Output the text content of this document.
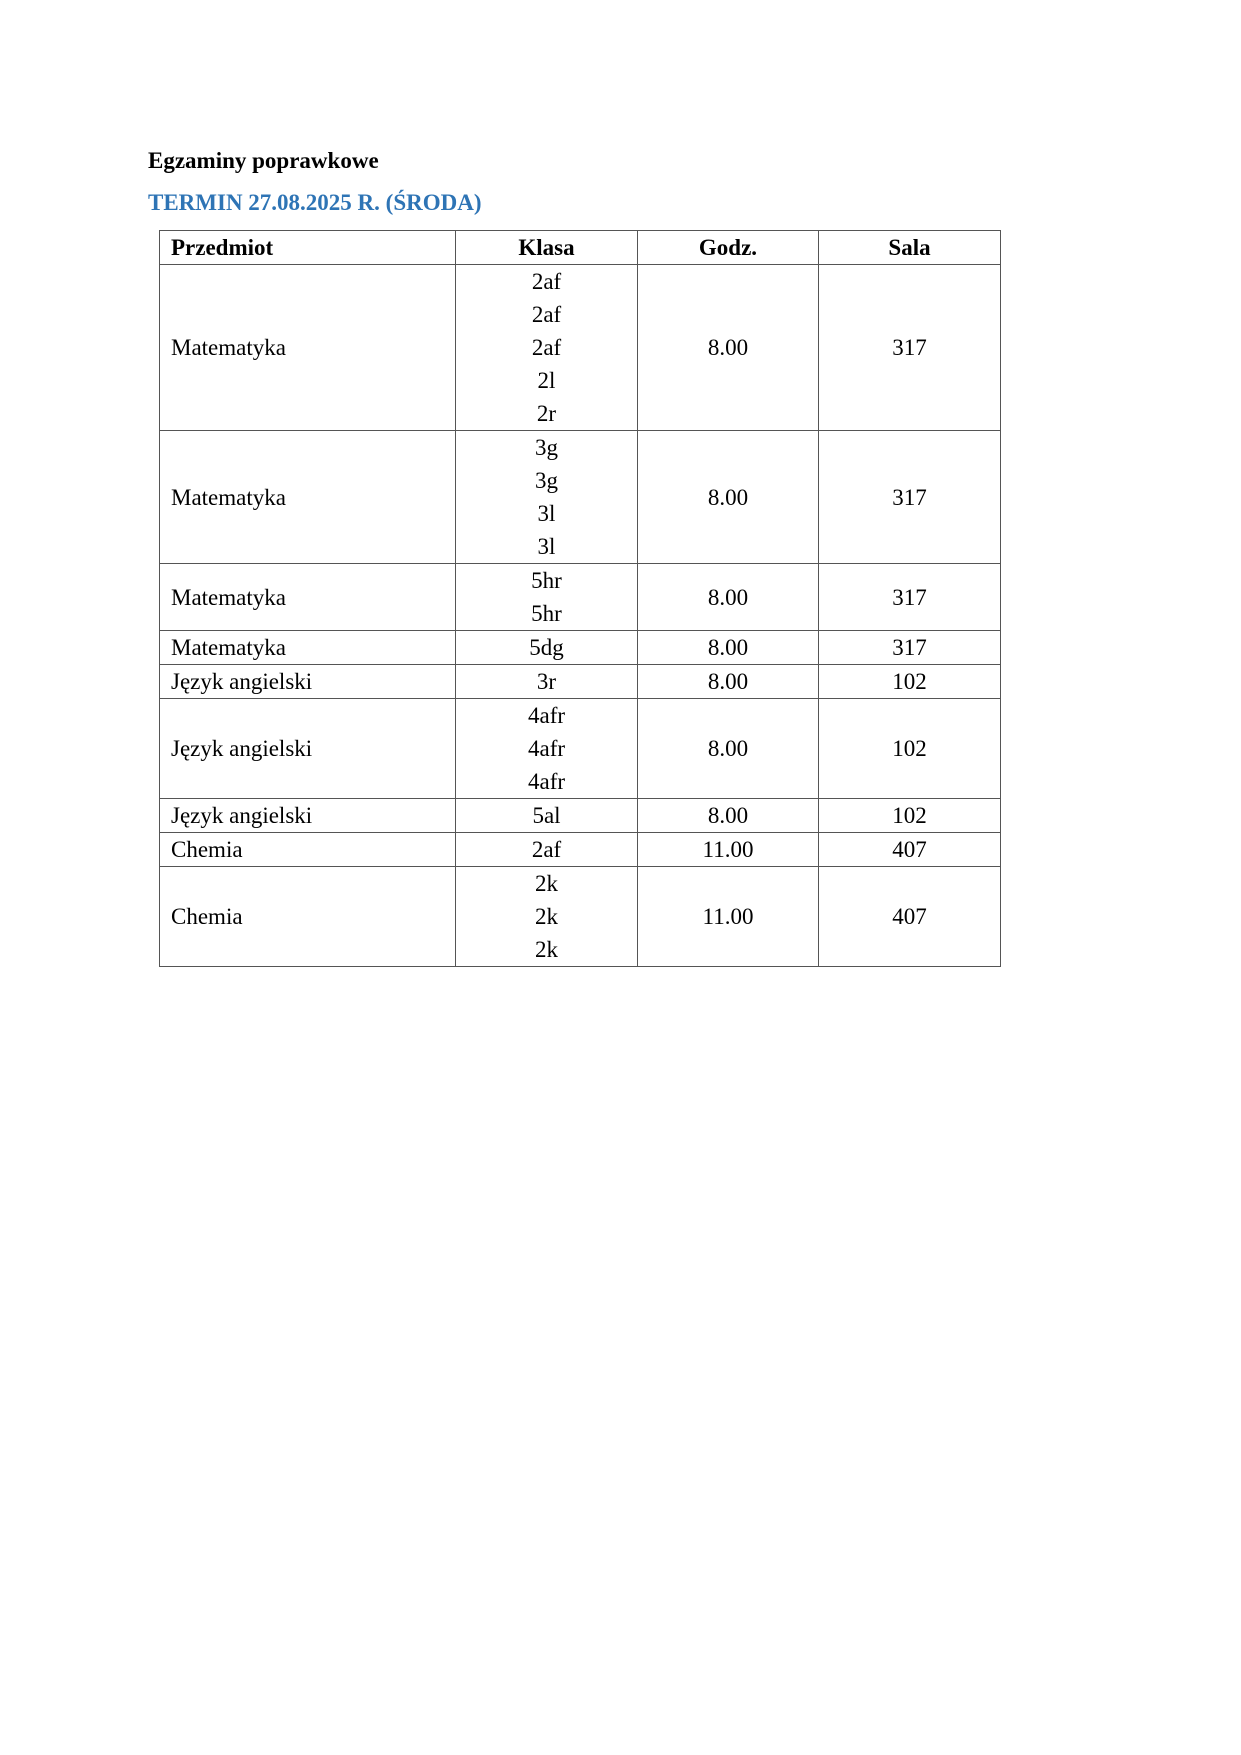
Egzaminy poprawkowe
TERMIN 27.08.2025 R. (ŚRODA)
Przedmiot	Klasa	Godz.	Sala
Matematyka	2af
2af
2af
2l
2r	8.00	317
Matematyka	3g
3g
3l
3l	8.00	317
Matematyka	5hr
5hr	8.00	317
Matematyka	5dg	8.00	317
Język angielski	3r	8.00	102
Język angielski	4afr
4afr
4afr	8.00	102
Język angielski	5al	8.00	102
Chemia	2af	11.00	407
Chemia	2k
2k
2k	11.00	407
